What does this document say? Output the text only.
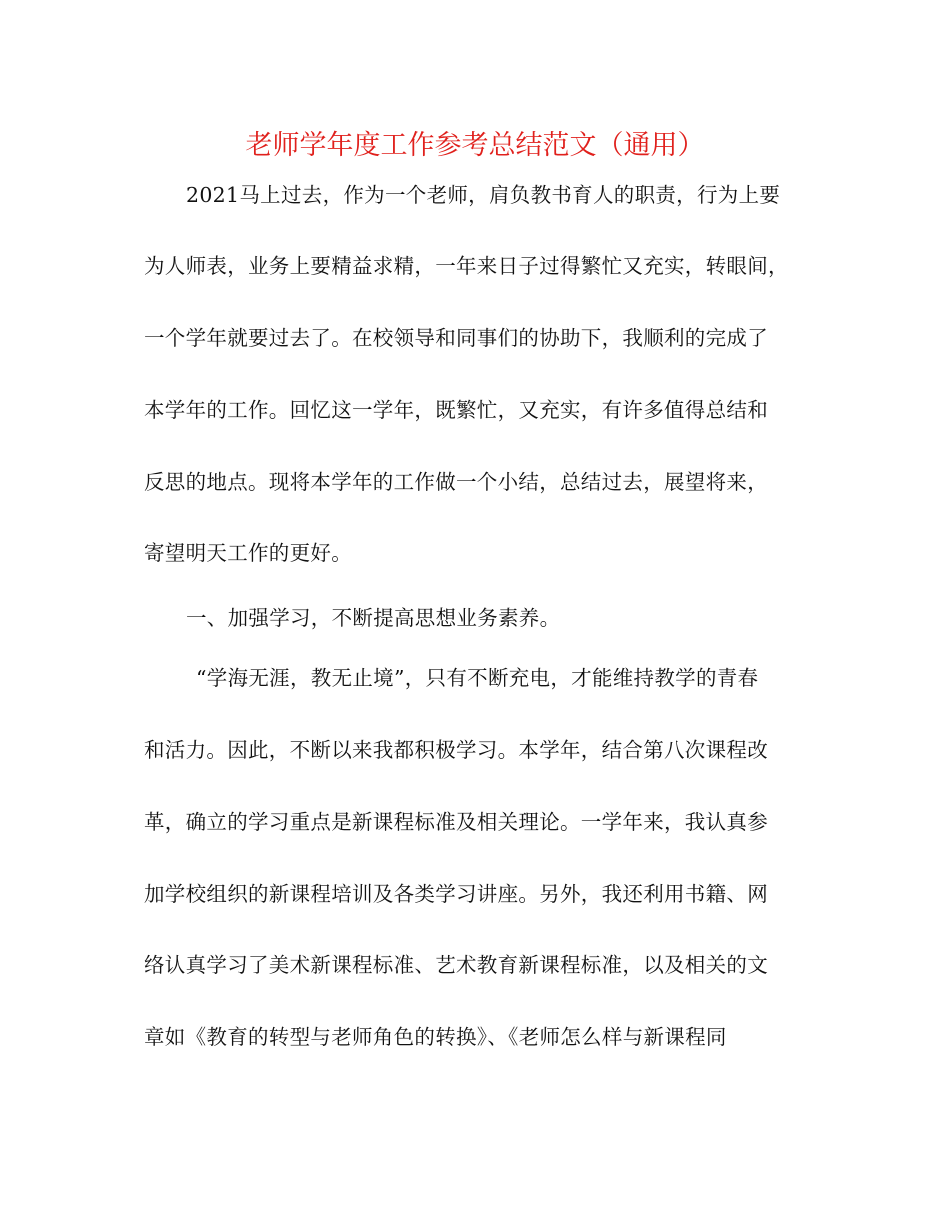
老师学年度工作参考总结范文（通用）
2021马上过去，作为一个老师，肩负教书育人的职责，行为上要
为人师表，业务上要精益求精，一年来日子过得繁忙又充实，转眼间，
一个学年就要过去了。在校领导和同事们的协助下，我顺利的完成了
本学年的工作。回忆这一学年，既繁忙，又充实，有许多值得总结和
反思的地点。现将本学年的工作做一个小结，总结过去，展望将来，
寄望明天工作的更好。
一、加强学习，不断提高思想业务素养。
“学海无涯，教无止境”，只有不断充电，才能维持教学的青春
和活力。因此，不断以来我都积极学习。本学年，结合第八次课程改
革，确立的学习重点是新课程标准及相关理论。一学年来，我认真参
加学校组织的新课程培训及各类学习讲座。另外，我还利用书籍、网
络认真学习了美术新课程标准、艺术教育新课程标准，以及相关的文
章如《教育的转型与老师角色的转换》、《老师怎么样与新课程同
